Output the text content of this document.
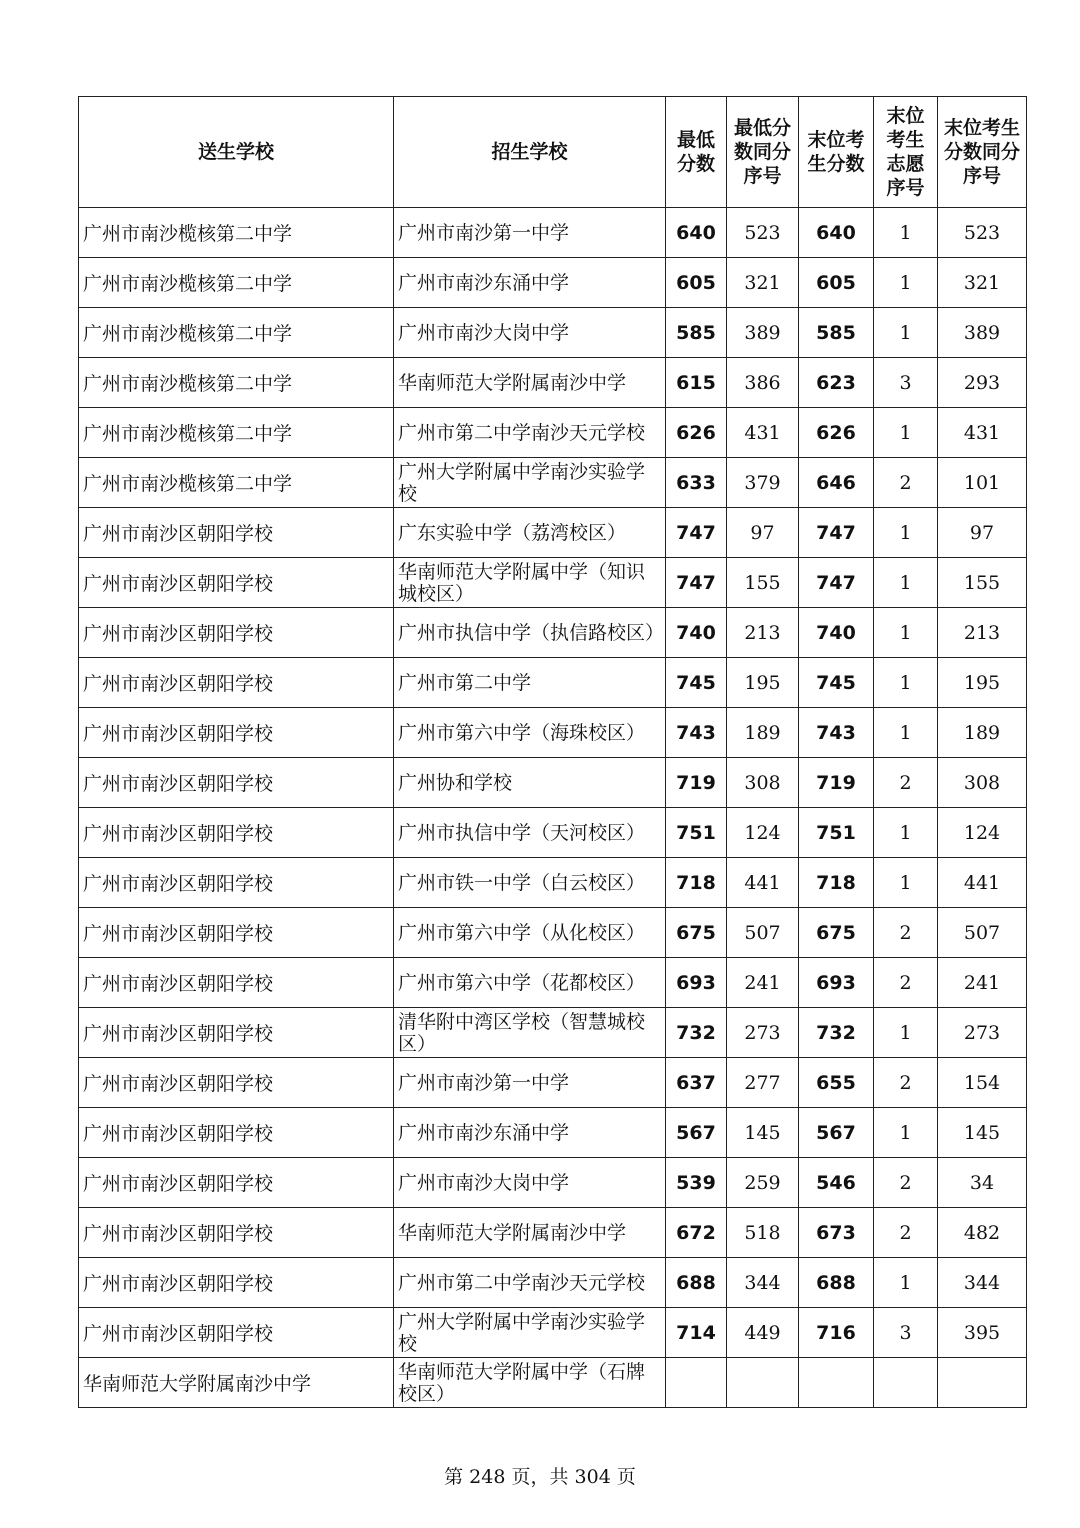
送生学校	招生学校	最低分数	最低分数同分序号	末位考生分数	末位考生志愿序号	末位考生分数同分序号
广州市南沙榄核第二中学	广州市南沙第一中学	640	523	640	1	523
广州市南沙榄核第二中学	广州市南沙东涌中学	605	321	605	1	321
广州市南沙榄核第二中学	广州市南沙大岗中学	585	389	585	1	389
广州市南沙榄核第二中学	华南师范大学附属南沙中学	615	386	623	3	293
广州市南沙榄核第二中学	广州市第二中学南沙天元学校	626	431	626	1	431
广州市南沙榄核第二中学	广州大学附属中学南沙实验学校	633	379	646	2	101
广州市南沙区朝阳学校	广东实验中学（荔湾校区）	747	97	747	1	97
广州市南沙区朝阳学校	华南师范大学附属中学（知识城校区）	747	155	747	1	155
广州市南沙区朝阳学校	广州市执信中学（执信路校区）	740	213	740	1	213
广州市南沙区朝阳学校	广州市第二中学	745	195	745	1	195
广州市南沙区朝阳学校	广州市第六中学（海珠校区）	743	189	743	1	189
广州市南沙区朝阳学校	广州协和学校	719	308	719	2	308
广州市南沙区朝阳学校	广州市执信中学（天河校区）	751	124	751	1	124
广州市南沙区朝阳学校	广州市铁一中学（白云校区）	718	441	718	1	441
广州市南沙区朝阳学校	广州市第六中学（从化校区）	675	507	675	2	507
广州市南沙区朝阳学校	广州市第六中学（花都校区）	693	241	693	2	241
广州市南沙区朝阳学校	清华附中湾区学校（智慧城校区）	732	273	732	1	273
广州市南沙区朝阳学校	广州市南沙第一中学	637	277	655	2	154
广州市南沙区朝阳学校	广州市南沙东涌中学	567	145	567	1	145
广州市南沙区朝阳学校	广州市南沙大岗中学	539	259	546	2	34
广州市南沙区朝阳学校	华南师范大学附属南沙中学	672	518	673	2	482
广州市南沙区朝阳学校	广州市第二中学南沙天元学校	688	344	688	1	344
广州市南沙区朝阳学校	广州大学附属中学南沙实验学校	714	449	716	3	395
华南师范大学附属南沙中学	华南师范大学附属中学（石牌校区）					
第 248 页，共 304 页
